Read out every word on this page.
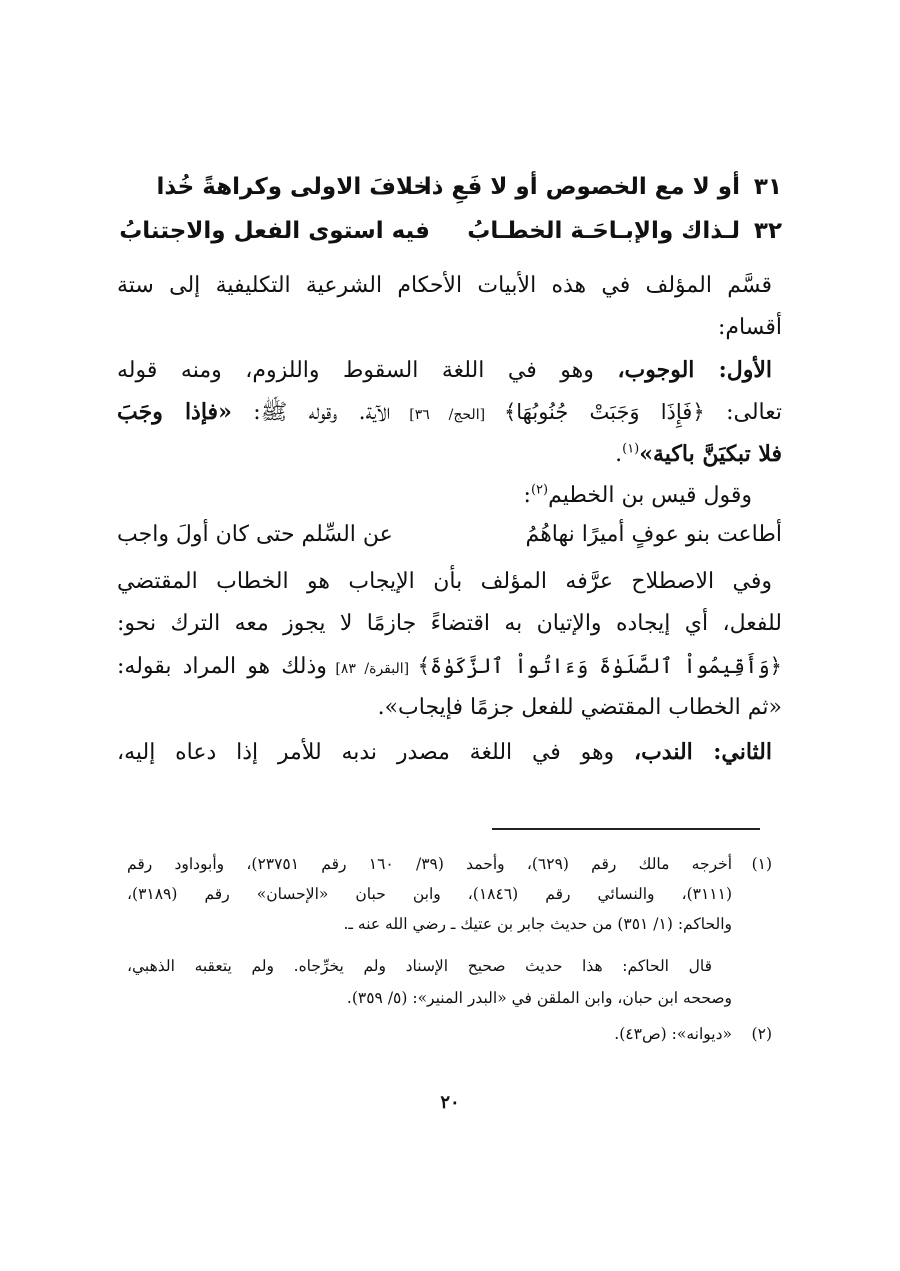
٣١
أو لا مع الخصوص أو لا فَعِ ذا
خلافَ الاولى وكراهةً خُذا
٣٢
لـذاك والإبـاحَـة الخطـابُ
فيه استوى الفعل والاجتنابُ
قسَّم المؤلف في هذه الأبيات الأحكام الشرعية التكليفية إلى ستة
أقسام:
الأول: الوجوب، وهو في اللغة السقوط واللزوم، ومنه قوله
تعالى: ﴿فَإِذَا وَجَبَتْ جُنُوبُهَا﴾ [الحج/ ٣٦] الآية. وقوله ﷺ: «فإذا وجَبَ
فلا تبكيَنَّ باكية»$^{(١)}$.
وقول قيس بن الخطيم$^{(٢)}$:
أطاعت بنو عوفٍ أميرًا نهاهُمُ
عن السِّلم حتى كان أولَ واجب
وفي الاصطلاح عرَّفه المؤلف بأن الإيجاب هو الخطاب المقتضي
للفعل، أي إيجاده والإتيان به اقتضاءً جازمًا لا يجوز معه الترك نحو:
﴿وَأَقِيمُواْ ٱلصَّلَوٰةَ وَءَاتُواْ ٱلزَّكَوٰةَ﴾ [البقرة/ ٨٣] وذلك هو المراد بقوله:
«ثم الخطاب المقتضي للفعل جزمًا فإيجاب».
الثاني: الندب، وهو في اللغة مصدر ندبه للأمر إذا دعاه إليه،
(١)أخرجه مالك رقم (٦٢٩)، وأحمد (٣٩/ ١٦٠ رقم ٢٣٧٥١)، وأبوداود رقم
(٣١١١)، والنسائي رقم (١٨٤٦)، وابن حبان «الإحسان» رقم (٣١٨٩)،
والحاكم: (١/ ٣٥١) من حديث جابر بن عتيك ـ رضي الله عنه ـ.
قال الحاكم: هذا حديث صحيح الإسناد ولم يخرِّجاه. ولم يتعقبه الذهبي،
وصححه ابن حبان، وابن الملقن في «البدر المنير»: (٥/ ٣٥٩).
(٢)«ديوانه»: (ص٤٣).
٢٠
